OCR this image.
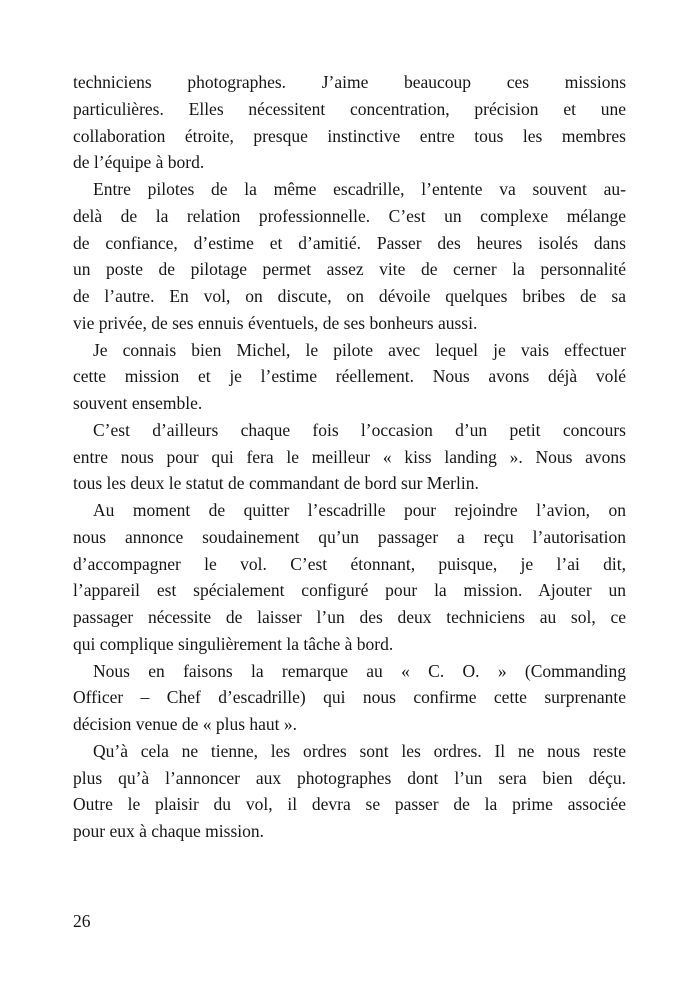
techniciens photographes. J’aime beaucoup ces missions
particulières. Elles nécessitent concentration, précision et une
collaboration étroite, presque instinctive entre tous les membres
de l’équipe à bord.
Entre pilotes de la même escadrille, l’entente va souvent au-
delà de la relation professionnelle. C’est un complexe mélange
de confiance, d’estime et d’amitié. Passer des heures isolés dans
un poste de pilotage permet assez vite de cerner la personnalité
de l’autre. En vol, on discute, on dévoile quelques bribes de sa
vie privée, de ses ennuis éventuels, de ses bonheurs aussi.
Je connais bien Michel, le pilote avec lequel je vais effectuer
cette mission et je l’estime réellement. Nous avons déjà volé
souvent ensemble.
C’est d’ailleurs chaque fois l’occasion d’un petit concours
entre nous pour qui fera le meilleur « kiss landing ». Nous avons
tous les deux le statut de commandant de bord sur Merlin.
Au moment de quitter l’escadrille pour rejoindre l’avion, on
nous annonce soudainement qu’un passager a reçu l’autorisation
d’accompagner le vol. C’est étonnant, puisque, je l’ai dit,
l’appareil est spécialement configuré pour la mission. Ajouter un
passager nécessite de laisser l’un des deux techniciens au sol, ce
qui complique singulièrement la tâche à bord.
Nous en faisons la remarque au « C. O. » (Commanding
Officer – Chef d’escadrille) qui nous confirme cette surprenante
décision venue de « plus haut ».
Qu’à cela ne tienne, les ordres sont les ordres. Il ne nous reste
plus qu’à l’annoncer aux photographes dont l’un sera bien déçu.
Outre le plaisir du vol, il devra se passer de la prime associée
pour eux à chaque mission.
26
